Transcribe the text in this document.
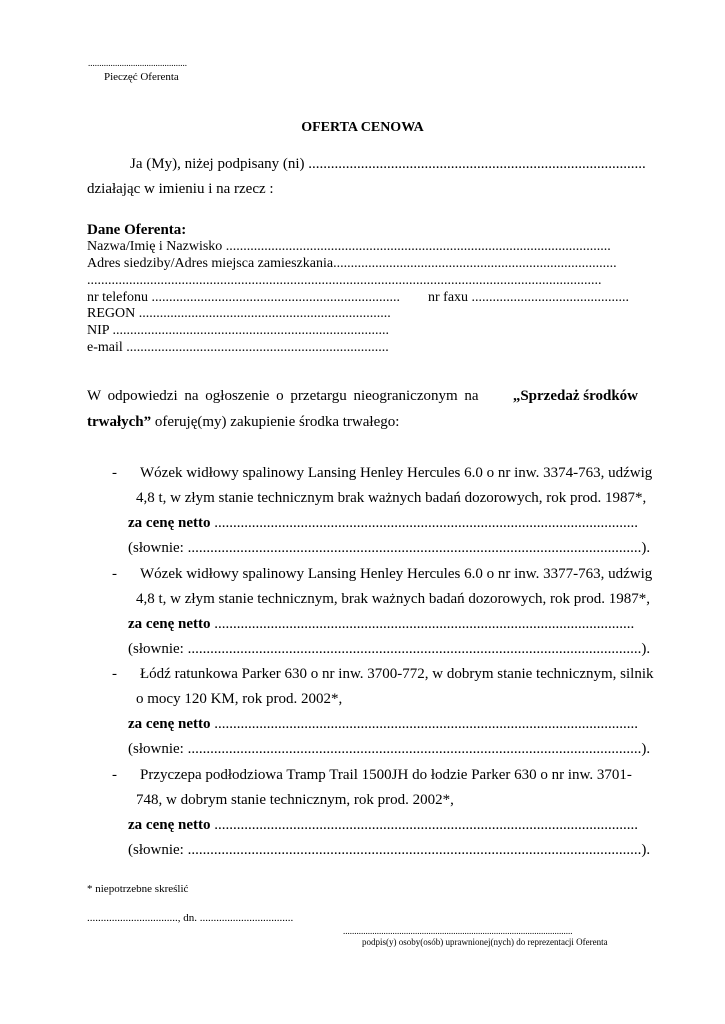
............................................
Pieczęć Oferenta
OFERTA CENOWA
Ja (My), niżej podpisany (ni) ..........................................................................................
działając w imieniu i na rzecz :
Dane Oferenta:
Nazwa/Imię i Nazwisko ..............................................................................................................
Adres siedziby/Adres miejsca zamieszkania.................................................................................
...................................................................................................................................................
nr telefonu ....................................................................... nr faxu .............................................
REGON ........................................................................
NIP ...............................................................................
e-mail ...........................................................................
W odpowiedzi na ogłoszenie o przetargu nieograniczonym na „Sprzedaż środków
trwałych” oferuję(my) zakupienie środka trwałego:
- Wózek widłowy spalinowy Lansing Henley Hercules 6.0 o nr inw. 3374-763, udźwig
4,8 t, w złym stanie technicznym brak ważnych badań dozorowych, rok prod. 1987*,
za cenę netto .................................................................................................................
(słownie: .........................................................................................................................).
- Wózek widłowy spalinowy Lansing Henley Hercules 6.0 o nr inw. 3377-763, udźwig
4,8 t, w złym stanie technicznym, brak ważnych badań dozorowych, rok prod. 1987*,
za cenę netto ................................................................................................................
(słownie: .........................................................................................................................).
- Łódź ratunkowa Parker 630 o nr inw. 3700-772, w dobrym stanie technicznym, silnik
o mocy 120 KM, rok prod. 2002*,
za cenę netto .................................................................................................................
(słownie: .........................................................................................................................).
- Przyczepa podłodziowa Tramp Trail 1500JH do łodzie Parker 630 o nr inw. 3701-
748, w dobrym stanie technicznym, rok prod. 2002*,
za cenę netto .................................................................................................................
(słownie: .........................................................................................................................).
* niepotrzebne skreślić
................................., dn. ..................................
......................................................................................................
podpis(y) osoby(osób) uprawnionej(nych) do reprezentacji Oferenta
